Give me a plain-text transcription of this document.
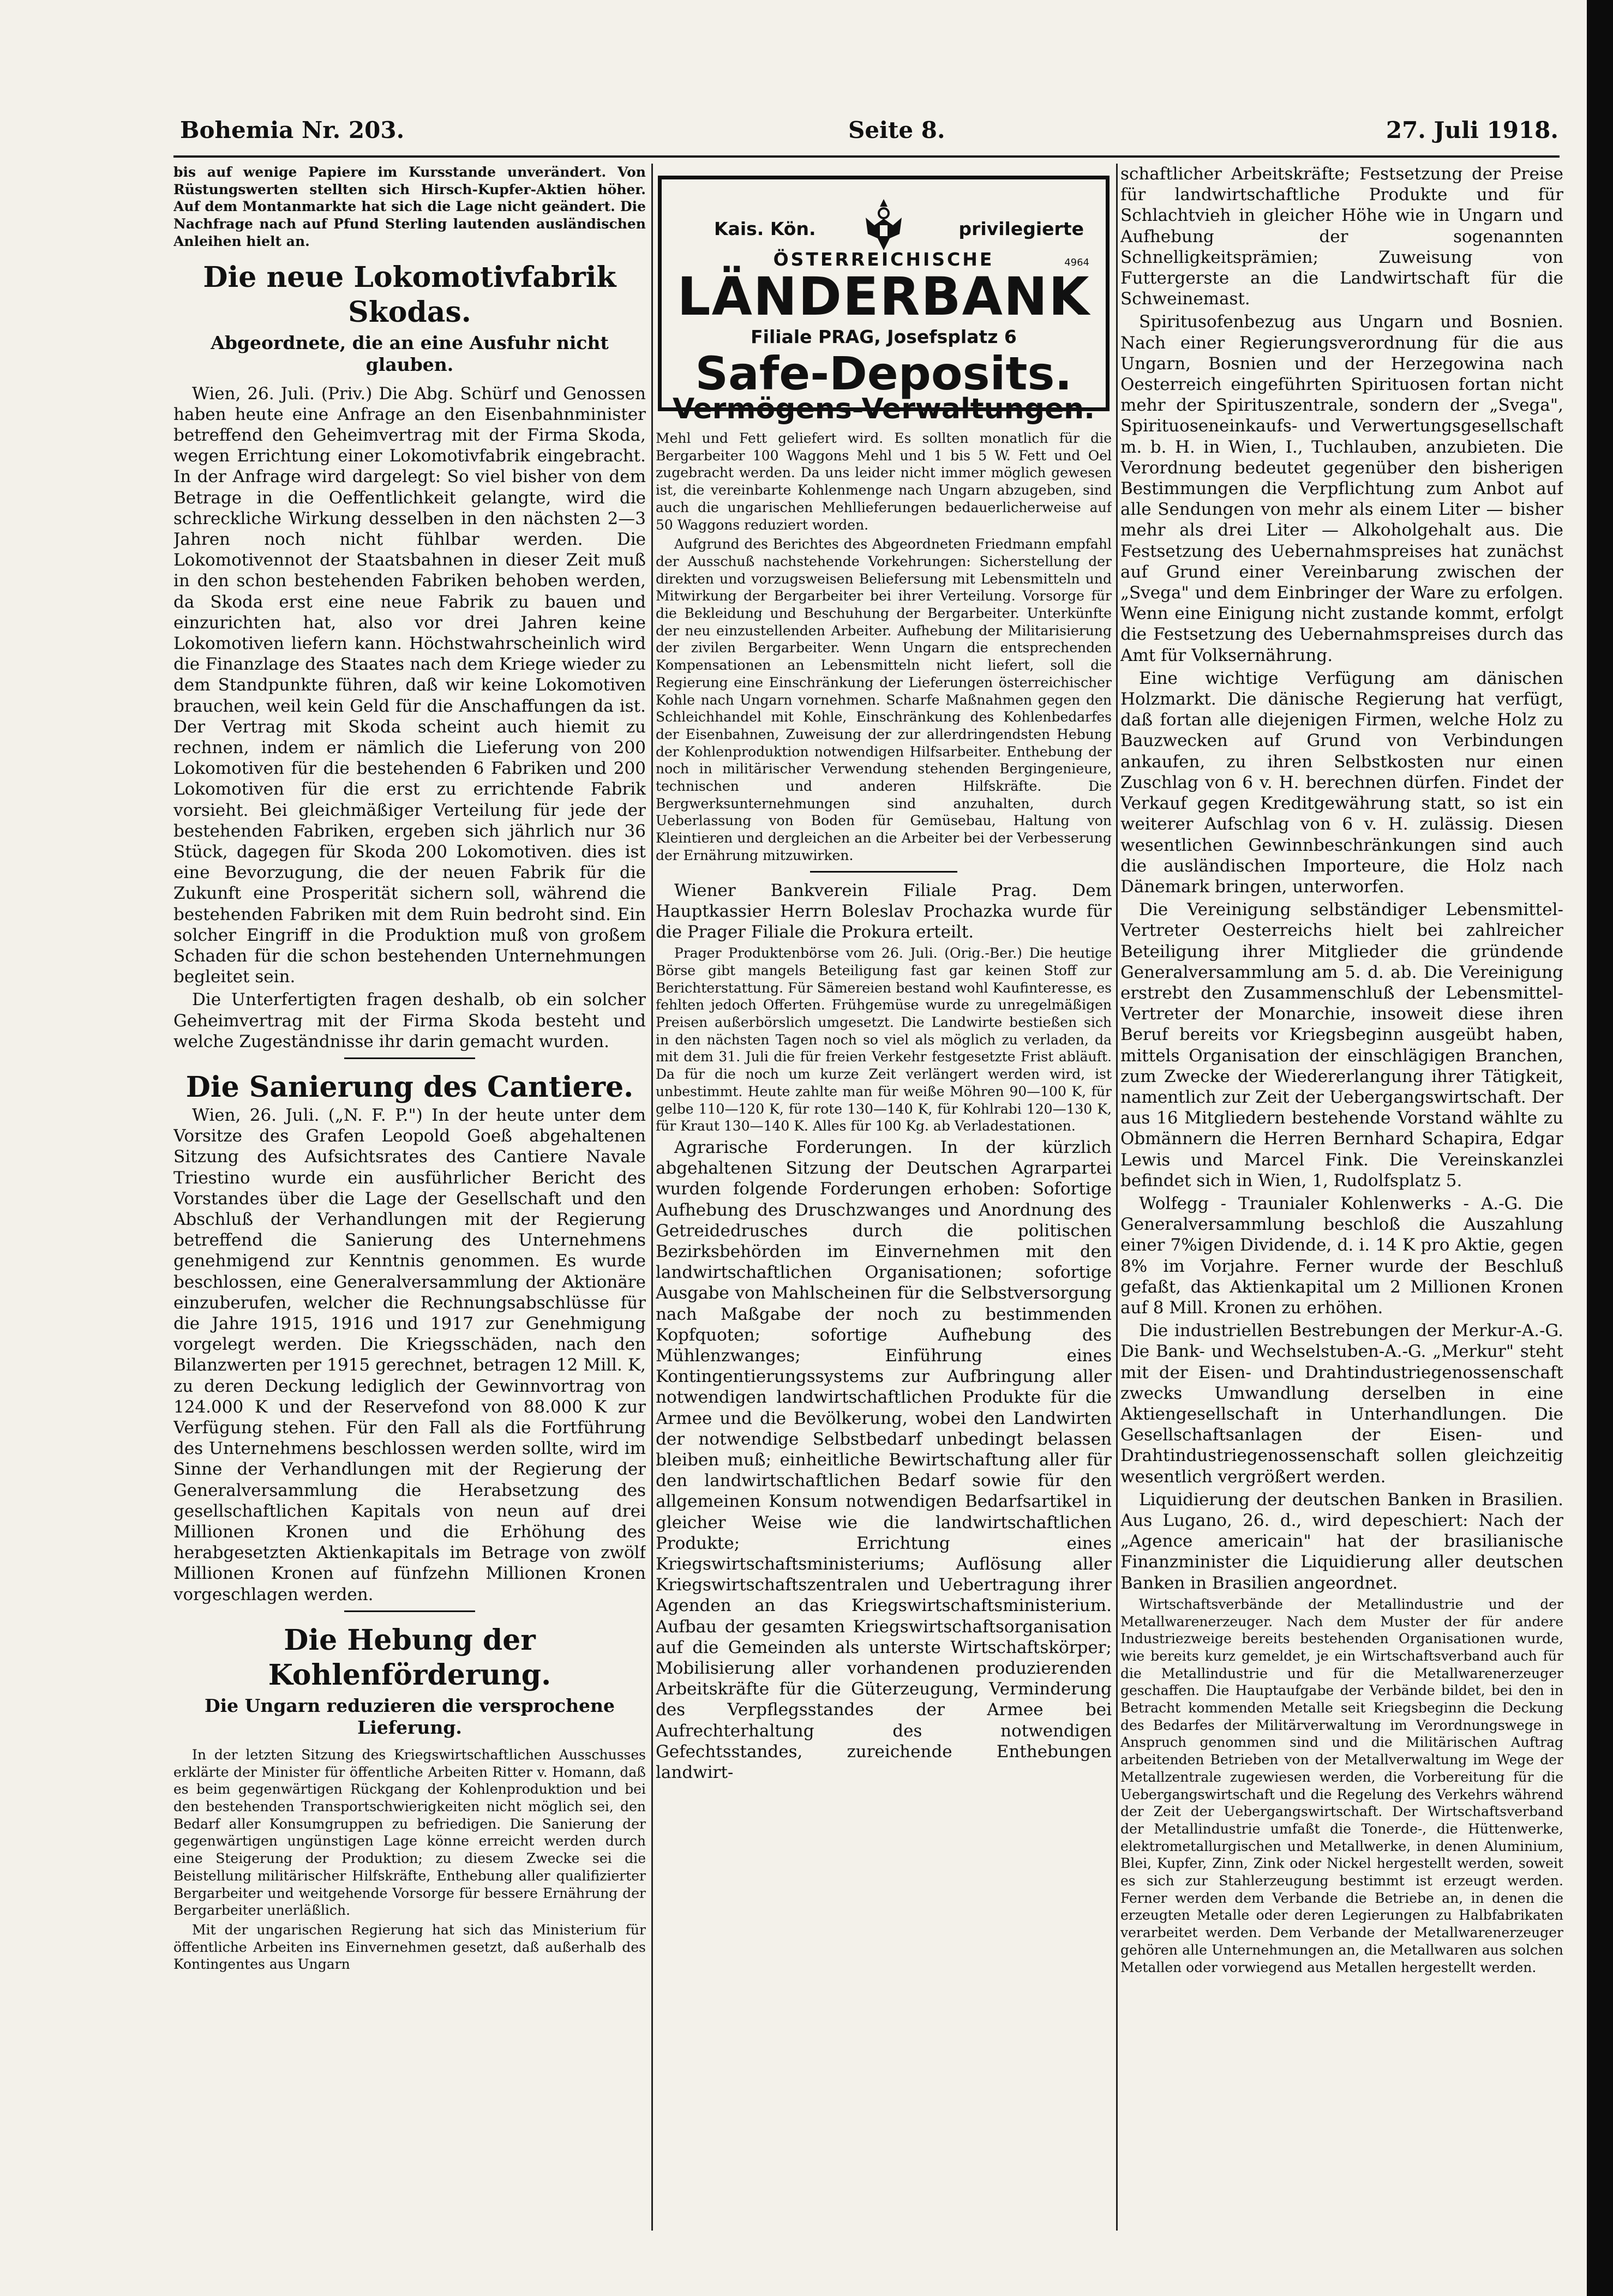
Bohemia Nr. 203.	Seite 8.	27. Juli 1918.

bis auf wenige Papiere im Kursstande unverändert. Von Rüstungswerten stellten sich Hirsch-Kupfer-Aktien höher. Auf dem Montanmarkte hat sich die Lage nicht geändert. Die Nachfrage nach auf Pfund Sterling lautenden ausländischen Anleihen hielt an.

Die neue Lokomotivfabrik Skodas.

Abgeordnete, die an eine Ausfuhr nicht glauben.

Wien, 26. Juli. (Priv.) Die Abg. Schürf und Genossen haben heute eine Anfrage an den Eisenbahnminister betreffend den Geheimvertrag mit der Firma Skoda, wegen Errichtung einer Lokomotivfabrik eingebracht. In der Anfrage wird dargelegt: So viel bisher von dem Betrage in die Oeffentlichkeit gelangte, wird die schreckliche Wirkung desselben in den nächsten 2—3 Jahren noch nicht fühlbar werden. Die Lokomotivennot der Staatsbahnen in dieser Zeit muß in den schon bestehenden Fabriken behoben werden, da Skoda erst eine neue Fabrik zu bauen und einzurichten hat, also vor drei Jahren keine Lokomotiven liefern kann. Höchstwahrscheinlich wird die Finanzlage des Staates nach dem Kriege wieder zu dem Standpunkte führen, daß wir keine Lokomotiven brauchen, weil kein Geld für die Anschaffungen da ist. Der Vertrag mit Skoda scheint auch hiemit zu rechnen, indem er nämlich die Lieferung von 200 Lokomotiven für die bestehenden 6 Fabriken und 200 Lokomotiven für die erst zu errichtende Fabrik vorsieht. Bei gleichmäßiger Verteilung für jede der bestehenden Fabriken, ergeben sich jährlich nur 36 Stück, dagegen für Skoda 200 Lokomotiven. dies ist eine Bevorzugung, die der neuen Fabrik für die Zukunft eine Prosperität sichern soll, während die bestehenden Fabriken mit dem Ruin bedroht sind. Ein solcher Eingriff in die Produktion muß von großem Schaden für die schon bestehenden Unternehmungen begleitet sein.

Die Unterfertigten fragen deshalb, ob ein solcher Geheimvertrag mit der Firma Skoda besteht und welche Zugeständnisse ihr darin gemacht wurden.

Die Sanierung des Cantiere.

Wien, 26. Juli. („N. F. P.") In der heute unter dem Vorsitze des Grafen Leopold Goeß abgehaltenen Sitzung des Aufsichtsrates des Cantiere Navale Triestino wurde ein ausführlicher Bericht des Vorstandes über die Lage der Gesellschaft und den Abschluß der Verhandlungen mit der Regierung betreffend die Sanierung des Unternehmens genehmigend zur Kenntnis genommen. Es wurde beschlossen, eine Generalversammlung der Aktionäre einzuberufen, welcher die Rechnungsabschlüsse für die Jahre 1915, 1916 und 1917 zur Genehmigung vorgelegt werden. Die Kriegsschäden, nach den Bilanzwerten per 1915 gerechnet, betragen 12 Mill. K, zu deren Deckung lediglich der Gewinnvortrag von 124.000 K und der Reservefond von 88.000 K zur Verfügung stehen. Für den Fall als die Fortführung des Unternehmens beschlossen werden sollte, wird im Sinne der Verhandlungen mit der Regierung der Generalversammlung die Herabsetzung des gesellschaftlichen Kapitals von neun auf drei Millionen Kronen und die Erhöhung des herabgesetzten Aktienkapitals im Betrage von zwölf Millionen Kronen auf fünfzehn Millionen Kronen vorgeschlagen werden.

Die Hebung der Kohlenförderung.

Die Ungarn reduzieren die versprochene Lieferung.

In der letzten Sitzung des Kriegswirtschaftlichen Ausschusses erklärte der Minister für öffentliche Arbeiten Ritter v. Homann, daß es beim gegenwärtigen Rückgang der Kohlenproduktion und bei den bestehenden Transportschwierigkeiten nicht möglich sei, den Bedarf aller Konsumgruppen zu befriedigen. Die Sanierung der gegenwärtigen ungünstigen Lage könne erreicht werden durch eine Steigerung der Produktion; zu diesem Zwecke sei die Beistellung militärischer Hilfskräfte, Enthebung aller qualifizierter Bergarbeiter und weitgehende Vorsorge für bessere Ernährung der Bergarbeiter unerläßlich.

Mit der ungarischen Regierung hat sich das Ministerium für öffentliche Arbeiten ins Einvernehmen gesetzt, daß außerhalb des Kontingentes aus Ungarn

Kais. Kön.	privilegierte
ÖSTERREICHISCHE	4964
LÄNDERBANK
Filiale PRAG, Josefsplatz 6
Safe-Deposits.
Vermögens-Verwaltungen.

Mehl und Fett geliefert wird. Es sollten monatlich für die Bergarbeiter 100 Waggons Mehl und 1 bis 5 W. Fett und Oel zugebracht werden. Da uns leider nicht immer möglich gewesen ist, die vereinbarte Kohlenmenge nach Ungarn abzugeben, sind auch die ungarischen Mehllieferungen bedauerlicherweise auf 50 Waggons reduziert worden.

Aufgrund des Berichtes des Abgeordneten Friedmann empfahl der Ausschuß nachstehende Vorkehrungen: Sicherstellung der direkten und vorzugsweisen Beliefersung mit Lebensmitteln und Mitwirkung der Bergarbeiter bei ihrer Verteilung. Vorsorge für die Bekleidung und Beschuhung der Bergarbeiter. Unterkünfte der neu einzustellenden Arbeiter. Aufhebung der Militarisierung der zivilen Bergarbeiter. Wenn Ungarn die entsprechenden Kompensationen an Lebensmitteln nicht liefert, soll die Regierung eine Einschränkung der Lieferungen österreichischer Kohle nach Ungarn vornehmen. Scharfe Maßnahmen gegen den Schleichhandel mit Kohle, Einschränkung des Kohlenbedarfes der Eisenbahnen, Zuweisung der zur allerdringendsten Hebung der Kohlenproduktion notwendigen Hilfsarbeiter. Enthebung der noch in militärischer Verwendung stehenden Bergingenieure, technischen und anderen Hilfskräfte. Die Bergwerksunternehmungen sind anzuhalten, durch Ueberlassung von Boden für Gemüsebau, Haltung von Kleintieren und dergleichen an die Arbeiter bei der Verbesserung der Ernährung mitzuwirken.

Wiener Bankverein Filiale Prag. Dem Hauptkassier Herrn Boleslav Prochazka wurde für die Prager Filiale die Prokura erteilt.

Prager Produktenbörse vom 26. Juli. (Orig.-Ber.) Die heutige Börse gibt mangels Beteiligung fast gar keinen Stoff zur Berichterstattung. Für Sämereien bestand wohl Kaufinteresse, es fehlten jedoch Offerten. Frühgemüse wurde zu unregelmäßigen Preisen außerbörslich umgesetzt. Die Landwirte bestießen sich in den nächsten Tagen noch so viel als möglich zu verladen, da mit dem 31. Juli die für freien Verkehr festgesetzte Frist abläuft. Da für die noch um kurze Zeit verlängert werden wird, ist unbestimmt. Heute zahlte man für weiße Möhren 90—100 K, für gelbe 110—120 K, für rote 130—140 K, für Kohlrabi 120—130 K, für Kraut 130—140 K. Alles für 100 Kg. ab Verladestationen.

Agrarische Forderungen. In der kürzlich abgehaltenen Sitzung der Deutschen Agrarpartei wurden folgende Forderungen erhoben: Sofortige Aufhebung des Druschzwanges und Anordnung des Getreidedrusches durch die politischen Bezirksbehörden im Einvernehmen mit den landwirtschaftlichen Organisationen; sofortige Ausgabe von Mahlscheinen für die Selbstversorgung nach Maßgabe der noch zu bestimmenden Kopfquoten; sofortige Aufhebung des Mühlenzwanges; Einführung eines Kontingentierungssystems zur Aufbringung aller notwendigen landwirtschaftlichen Produkte für die Armee und die Bevölkerung, wobei den Landwirten der notwendige Selbstbedarf unbedingt belassen bleiben muß; einheitliche Bewirtschaftung aller für den landwirtschaftlichen Bedarf sowie für den allgemeinen Konsum notwendigen Bedarfsartikel in gleicher Weise wie die landwirtschaftlichen Produkte; Errichtung eines Kriegswirtschaftsministeriums; Auflösung aller Kriegswirtschaftszentralen und Uebertragung ihrer Agenden an das Kriegswirtschaftsministerium. Aufbau der gesamten Kriegswirtschaftsorganisation auf die Gemeinden als unterste Wirtschaftskörper; Mobilisierung aller vorhandenen produzierenden Arbeitskräfte für die Güterzeugung, Verminderung des Verpflegsstandes der Armee bei Aufrechterhaltung des notwendigen Gefechtsstandes, zureichende Enthebungen landwirt-

schaftlicher Arbeitskräfte; Festsetzung der Preise für landwirtschaftliche Produkte und für Schlachtvieh in gleicher Höhe wie in Ungarn und Aufhebung der sogenannten Schnelligkeitsprämien; Zuweisung von Futtergerste an die Landwirtschaft für die Schweinemast.

Spiritusofenbezug aus Ungarn und Bosnien. Nach einer Regierungsverordnung für die aus Ungarn, Bosnien und der Herzegowina nach Oesterreich eingeführten Spirituosen fortan nicht mehr der Spirituszentrale, sondern der „Svega", Spirituoseneinkaufs- und Verwertungsgesellschaft m. b. H. in Wien, I., Tuchlauben, anzubieten. Die Verordnung bedeutet gegenüber den bisherigen Bestimmungen die Verpflichtung zum Anbot auf alle Sendungen von mehr als einem Liter — bisher mehr als drei Liter — Alkoholgehalt aus. Die Festsetzung des Uebernahmspreises hat zunächst auf Grund einer Vereinbarung zwischen der „Svega" und dem Einbringer der Ware zu erfolgen. Wenn eine Einigung nicht zustande kommt, erfolgt die Festsetzung des Uebernahmspreises durch das Amt für Volksernährung.

Eine wichtige Verfügung am dänischen Holzmarkt. Die dänische Regierung hat verfügt, daß fortan alle diejenigen Firmen, welche Holz zu Bauzwecken auf Grund von Verbindungen ankaufen, zu ihren Selbstkosten nur einen Zuschlag von 6 v. H. berechnen dürfen. Findet der Verkauf gegen Kreditgewährung statt, so ist ein weiterer Aufschlag von 6 v. H. zulässig. Diesen wesentlichen Gewinnbeschränkungen sind auch die ausländischen Importeure, die Holz nach Dänemark bringen, unterworfen.

Die Vereinigung selbständiger Lebensmittel-Vertreter Oesterreichs hielt bei zahlreicher Beteiligung ihrer Mitglieder die gründende Generalversammlung am 5. d. ab. Die Vereinigung erstrebt den Zusammenschluß der Lebensmittel-Vertreter der Monarchie, insoweit diese ihren Beruf bereits vor Kriegsbeginn ausgeübt haben, mittels Organisation der einschlägigen Branchen, zum Zwecke der Wiedererlangung ihrer Tätigkeit, namentlich zur Zeit der Uebergangswirtschaft. Der aus 16 Mitgliedern bestehende Vorstand wählte zu Obmännern die Herren Bernhard Schapira, Edgar Lewis und Marcel Fink. Die Vereinskanzlei befindet sich in Wien, 1, Rudolfsplatz 5.

Wolfegg - Traunialer Kohlenwerks - A.-G. Die Generalversammlung beschloß die Auszahlung einer 7%igen Dividende, d. i. 14 K pro Aktie, gegen 8% im Vorjahre. Ferner wurde der Beschluß gefaßt, das Aktienkapital um 2 Millionen Kronen auf 8 Mill. Kronen zu erhöhen.

Die industriellen Bestrebungen der Merkur-A.-G. Die Bank- und Wechselstuben-A.-G. „Merkur" steht mit der Eisen- und Drahtindustriegenossenschaft zwecks Umwandlung derselben in eine Aktiengesellschaft in Unterhandlungen. Die Gesellschaftsanlagen der Eisen- und Drahtindustriegenossenschaft sollen gleichzeitig wesentlich vergrößert werden.

Liquidierung der deutschen Banken in Brasilien. Aus Lugano, 26. d., wird depeschiert: Nach der „Agence americain" hat der brasilianische Finanzminister die Liquidierung aller deutschen Banken in Brasilien angeordnet.

Wirtschaftsverbände der Metallindustrie und der Metallwarenerzeuger. Nach dem Muster der für andere Industriezweige bereits bestehenden Organisationen wurde, wie bereits kurz gemeldet, je ein Wirtschaftsverband auch für die Metallindustrie und für die Metallwarenerzeuger geschaffen. Die Hauptaufgabe der Verbände bildet, bei den in Betracht kommenden Metalle seit Kriegsbeginn die Deckung des Bedarfes der Militärverwaltung im Verordnungswege in Anspruch genommen sind und die Militärischen Auftrag arbeitenden Betrieben von der Metallverwaltung im Wege der Metallzentrale zugewiesen werden, die Vorbereitung für die Uebergangswirtschaft und die Regelung des Verkehrs während der Zeit der Uebergangswirtschaft. Der Wirtschaftsverband der Metallindustrie umfaßt die Tonerde-, die Hüttenwerke, elektrometallurgischen und Metallwerke, in denen Aluminium, Blei, Kupfer, Zinn, Zink oder Nickel hergestellt werden, soweit es sich zur Stahlerzeugung bestimmt ist erzeugt werden. Ferner werden dem Verbande die Betriebe an, in denen die erzeugten Metalle oder deren Legierungen zu Halbfabrikaten verarbeitet werden. Dem Verbande der Metallwarenerzeuger gehören alle Unternehmungen an, die Metallwaren aus solchen Metallen oder vorwiegend aus Metallen hergestellt werden.
